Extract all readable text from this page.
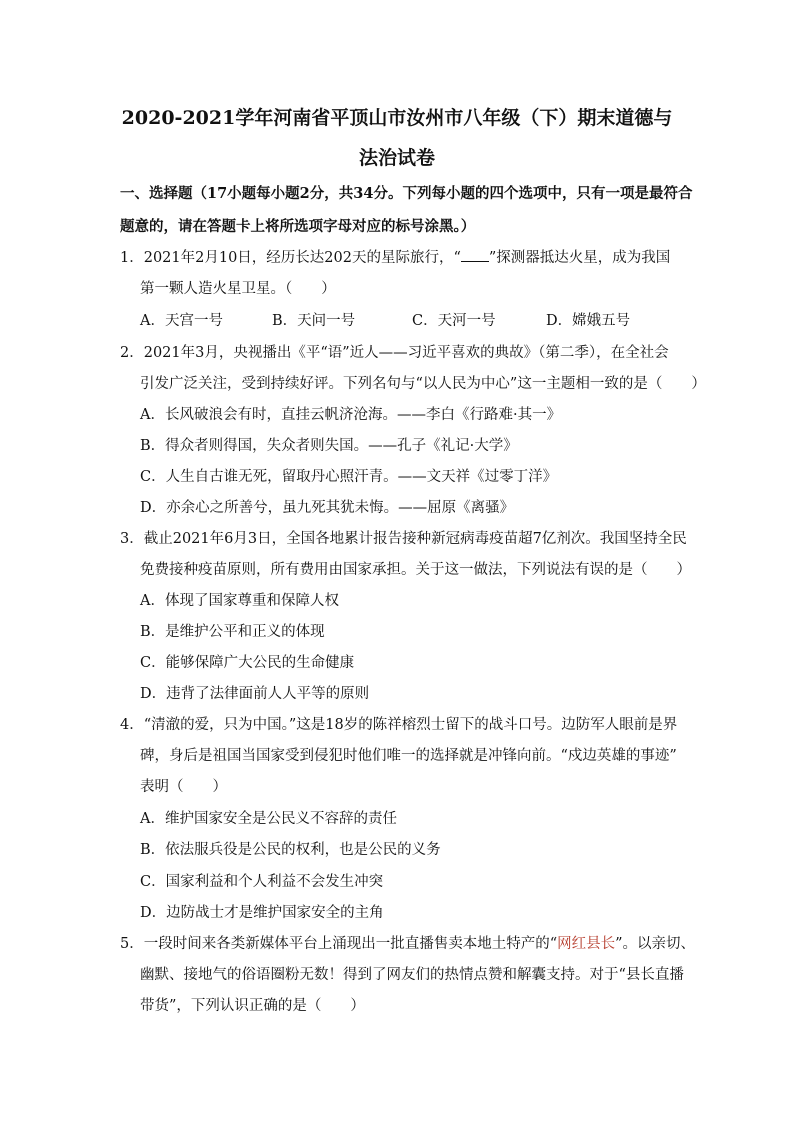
2020-2021学年河南省平顶山市汝州市八年级（下）期末道德与
法治试卷
一、选择题（17小题每小题2分，共34分。下列每小题的四个选项中，只有一项是最符合
题意的，请在答题卡上将所选项字母对应的标号涂黑。）
1．2021年2月10日，经历长达202天的星际旅行，“ ”探测器抵达火星，成为我国
第一颗人造火星卫星。（　　）
A．天宫一号	B．天问一号	C．天河一号	D．嫦娥五号
2．2021年3月，央视播出《平“语”近人——习近平喜欢的典故》（第二季），在全社会
引发广泛关注，受到持续好评。下列名句与“以人民为中心”这一主题相一致的是（　　）
A．长风破浪会有时，直挂云帆济沧海。——李白《行路难·其一》
B．得众者则得国，失众者则失国。——孔子《礼记·大学》
C．人生自古谁无死，留取丹心照汗青。——文天祥《过零丁洋》
D．亦余心之所善兮，虽九死其犹未悔。——屈原《离骚》
3．截止2021年6月3日，全国各地累计报告接种新冠病毒疫苗超7亿剂次。我国坚持全民
免费接种疫苗原则，所有费用由国家承担。关于这一做法，下列说法有误的是（　　）
A．体现了国家尊重和保障人权
B．是维护公平和正义的体现
C．能够保障广大公民的生命健康
D．违背了法律面前人人平等的原则
4．“清澈的爱，只为中国。”这是18岁的陈祥榕烈士留下的战斗口号。边防军人眼前是界
碑，身后是祖国当国家受到侵犯时他们唯一的选择就是冲锋向前。“戍边英雄的事迹”
表明（　　）
A．维护国家安全是公民义不容辞的责任
B．依法服兵役是公民的权利，也是公民的义务
C．国家利益和个人利益不会发生冲突
D．边防战士才是维护国家安全的主角
5．一段时间来各类新媒体平台上涌现出一批直播售卖本地土特产的“网红县长”。以亲切、
幽默、接地气的俗语圈粉无数！得到了网友们的热情点赞和解囊支持。对于“县长直播
带货”，下列认识正确的是（　　）
